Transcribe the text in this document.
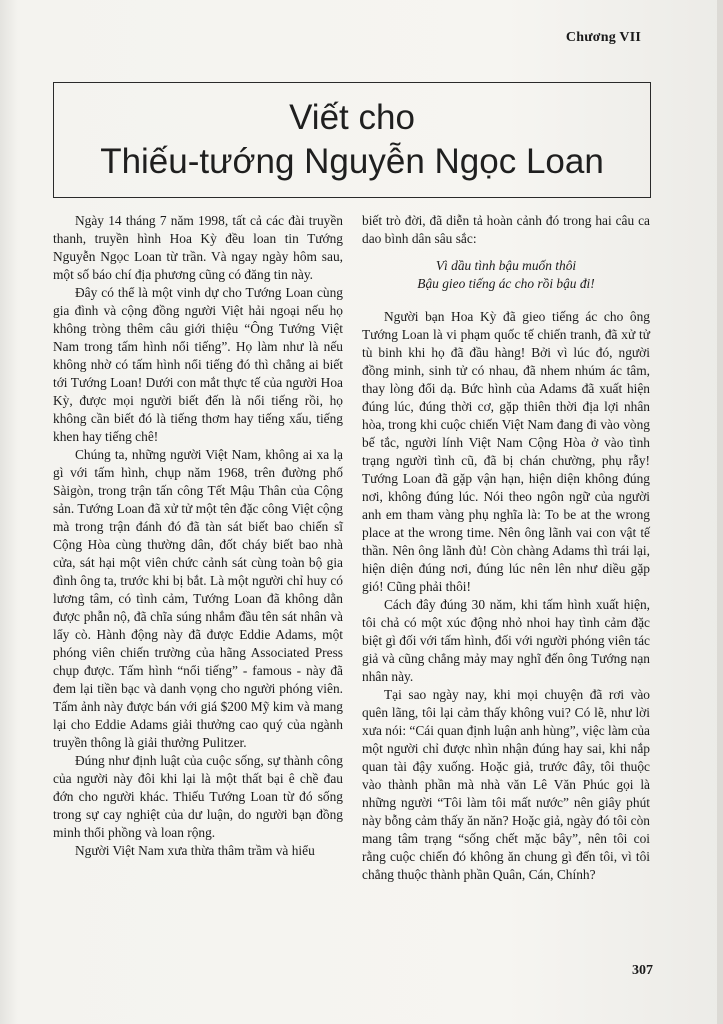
Chương VII
Viết cho
Thiếu-tướng Nguyễn Ngọc Loan

Ngày 14 tháng 7 năm 1998, tất cả các đài truyền thanh, truyền hình Hoa Kỳ đều loan tin Tướng Nguyễn Ngọc Loan từ trần. Và ngay ngày hôm sau, một số báo chí địa phương cũng có đăng tin này.

Đây có thể là một vinh dự cho Tướng Loan cùng gia đình và cộng đồng người Việt hải ngoại nếu họ không tròng thêm câu giới thiệu “Ông Tướng Việt Nam trong tấm hình nổi tiếng”. Họ làm như là nếu không nhờ có tấm hình nổi tiếng đó thì chẳng ai biết tới Tướng Loan! Dưới con mắt thực tế của người Hoa Kỳ, được mọi người biết đến là nổi tiếng rồi, họ không cần biết đó là tiếng thơm hay tiếng xấu, tiếng khen hay tiếng chê!

Chúng ta, những người Việt Nam, không ai xa lạ gì với tấm hình, chụp năm 1968, trên đường phố Sàigòn, trong trận tấn công Tết Mậu Thân của Cộng sản. Tướng Loan đã xử tử một tên đặc công Việt cộng mà trong trận đánh đó đã tàn sát biết bao chiến sĩ Cộng Hòa cùng thường dân, đốt cháy biết bao nhà cửa, sát hại một viên chức cảnh sát cùng toàn bộ gia đình ông ta, trước khi bị bắt. Là một người chỉ huy có lương tâm, có tình cảm, Tướng Loan đã không dằn được phẫn nộ, đã chĩa súng nhắm đầu tên sát nhân và lẩy cò. Hành động này đã được Eddie Adams, một phóng viên chiến trường của hãng Associated Press chụp được. Tấm hình “nổi tiếng” - famous - này đã đem lại tiền bạc và danh vọng cho người phóng viên. Tấm ảnh này được bán với giá $200 Mỹ kim và mang lại cho Eddie Adams giải thưởng cao quý của ngành truyền thông là giải thưởng Pulitzer.

Đúng như định luật của cuộc sống, sự thành công của người này đôi khi lại là một thất bại ê chề đau đớn cho người khác. Thiếu Tướng Loan từ đó sống trong sự cay nghiệt của dư luận, do người bạn đồng minh thổi phồng và loan rộng.

Người Việt Nam xưa thừa thâm trầm và hiểu

biết trò đời, đã diễn tả hoàn cảnh đó trong hai câu ca dao bình dân sâu sắc:

Vì dầu tình bậu muốn thôi
Bậu gieo tiếng ác cho rồi bậu đi!

Người bạn Hoa Kỳ đã gieo tiếng ác cho ông Tướng Loan là vi phạm quốc tế chiến tranh, đã xử tử tù binh khi họ đã đầu hàng! Bởi vì lúc đó, người đồng minh, sinh tử có nhau, đã nhem nhúm ác tâm, thay lòng đổi dạ. Bức hình của Adams đã xuất hiện đúng lúc, đúng thời cơ, gặp thiên thời địa lợi nhân hòa, trong khi cuộc chiến Việt Nam đang đi vào vòng bế tắc, người lính Việt Nam Cộng Hòa ở vào tình trạng người tình cũ, đã bị chán chường, phụ rẫy! Tướng Loan đã gặp vận hạn, hiện diện không đúng nơi, không đúng lúc. Nói theo ngôn ngữ của người anh em tham vàng phụ nghĩa là: To be at the wrong place at the wrong time. Nên ông lãnh vai con vật tế thần. Nên ông lãnh đủ! Còn chàng Adams thì trái lại, hiện diện đúng nơi, đúng lúc nên lên như diều gặp gió! Cũng phải thôi!

Cách đây đúng 30 năm, khi tấm hình xuất hiện, tôi chả có một xúc động nhỏ nhoi hay tình cảm đặc biệt gì đối với tấm hình, đối với người phóng viên tác giả và cũng chẳng mảy may nghĩ đến ông Tướng nạn nhân này.

Tại sao ngày nay, khi mọi chuyện đã rơi vào quên lãng, tôi lại cảm thấy không vui? Có lẽ, như lời xưa nói: “Cái quan định luận anh hùng”, việc làm của một người chỉ được nhìn nhận đúng hay sai, khi nắp quan tài đậy xuống. Hoặc giả, trước đây, tôi thuộc vào thành phần mà nhà văn Lê Văn Phúc gọi là những người “Tôi làm tôi mất nước” nên giây phút này bỗng cảm thấy ăn năn? Hoặc giả, ngày đó tôi còn mang tâm trạng “sống chết mặc bây”, nên tôi coi rằng cuộc chiến đó không ăn chung gì đến tôi, vì tôi chẳng thuộc thành phần Quân, Cán, Chính?

307
